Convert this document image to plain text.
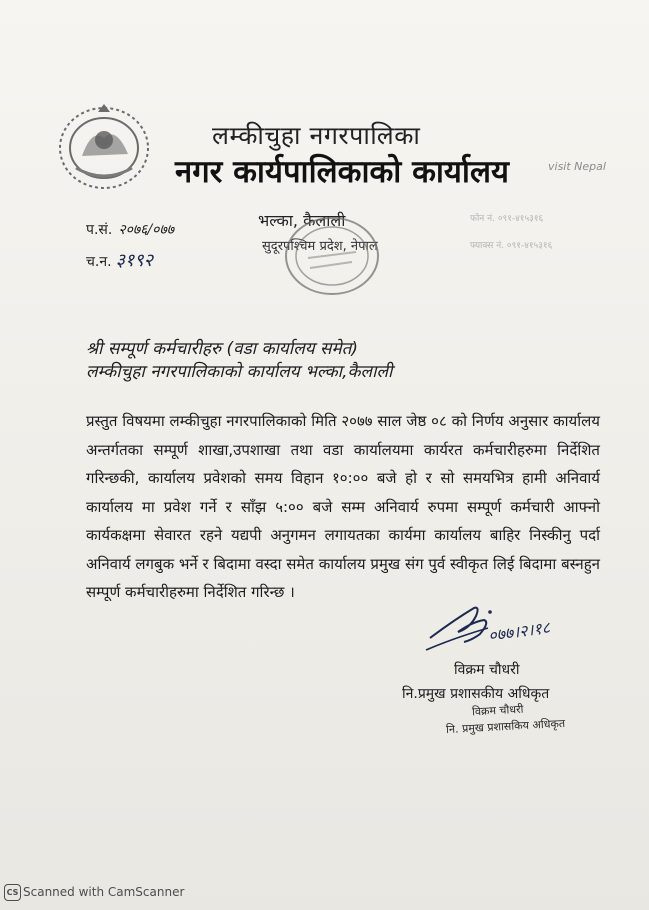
लम्कीचुहा नगरपालिका
नगर कार्यपालिकाको कार्यालय	visit Nepal
प.सं. २०७६/०७७
च.न. ३१९२
भल्का, कैलाली
सुदूरपश्चिम प्रदेश, नेपाल
फोन नं. ०९१-४१५३१६
फ्याक्स नं. ०९१-४१५३१६
श्री सम्पूर्ण कर्मचारीहरु (वडा कार्यालय समेत)
लम्कीचुहा नगरपालिकाको कार्यालय भल्का,कैलाली
प्रस्तुत विषयमा लम्कीचुहा नगरपालिकाको मिति २०७७ साल जेष्ठ ०८ को निर्णय अनुसार कार्यालय अन्तर्गतका सम्पूर्ण शाखा,उपशाखा तथा वडा कार्यालयमा कार्यरत कर्मचारीहरुमा निर्देशित गरिन्छकी, कार्यालय प्रवेशको समय विहान १०:०० बजे हो र सो समयभित्र हामी अनिवार्य कार्यालय मा प्रवेश गर्ने र साँझ ५:०० बजे सम्म अनिवार्य रुपमा सम्पूर्ण कर्मचारी आफ्नो कार्यकक्षमा सेवारत रहने यद्यपी अनुगमन लगायतका कार्यमा कार्यालय बाहिर निस्कीनु पर्दा अनिवार्य लगबुक भर्ने र बिदामा वस्दा समेत कार्यालय प्रमुख संग पुर्व स्वीकृत लिई बिदामा बस्नहुन सम्पूर्ण कर्मचारीहरुमा निर्देशित गरिन्छ ।
०७७।२।१८
विक्रम चौधरी
नि.प्रमुख प्रशासकीय अधिकृत
विक्रम चौधरी
नि. प्रमुख प्रशासकिय अधिकृत
CS Scanned with CamScanner
